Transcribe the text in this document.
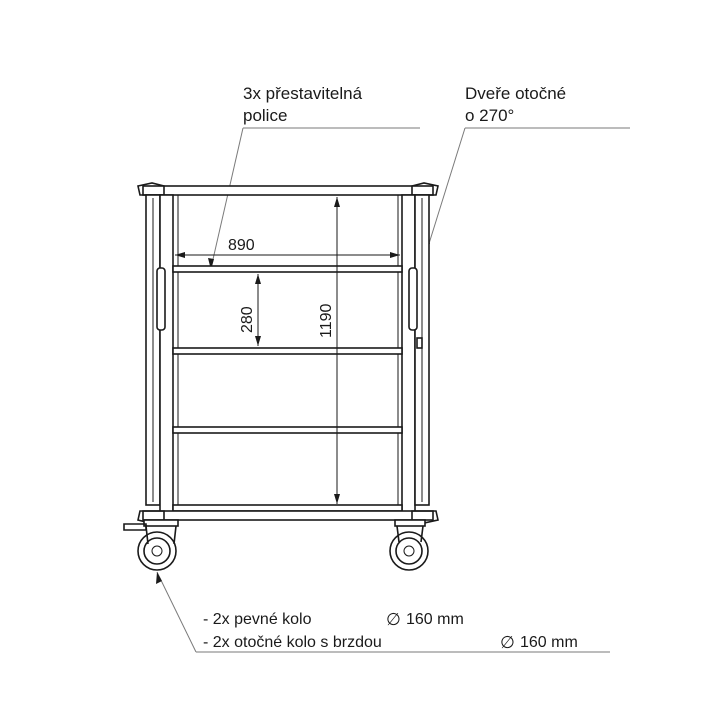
3x přestavitelná
police
Dveře otočné
o 270°
890
280	1190
- 2x pevné kolo	∅ 160 mm
- 2x otočné kolo s brzdou	∅ 160 mm
